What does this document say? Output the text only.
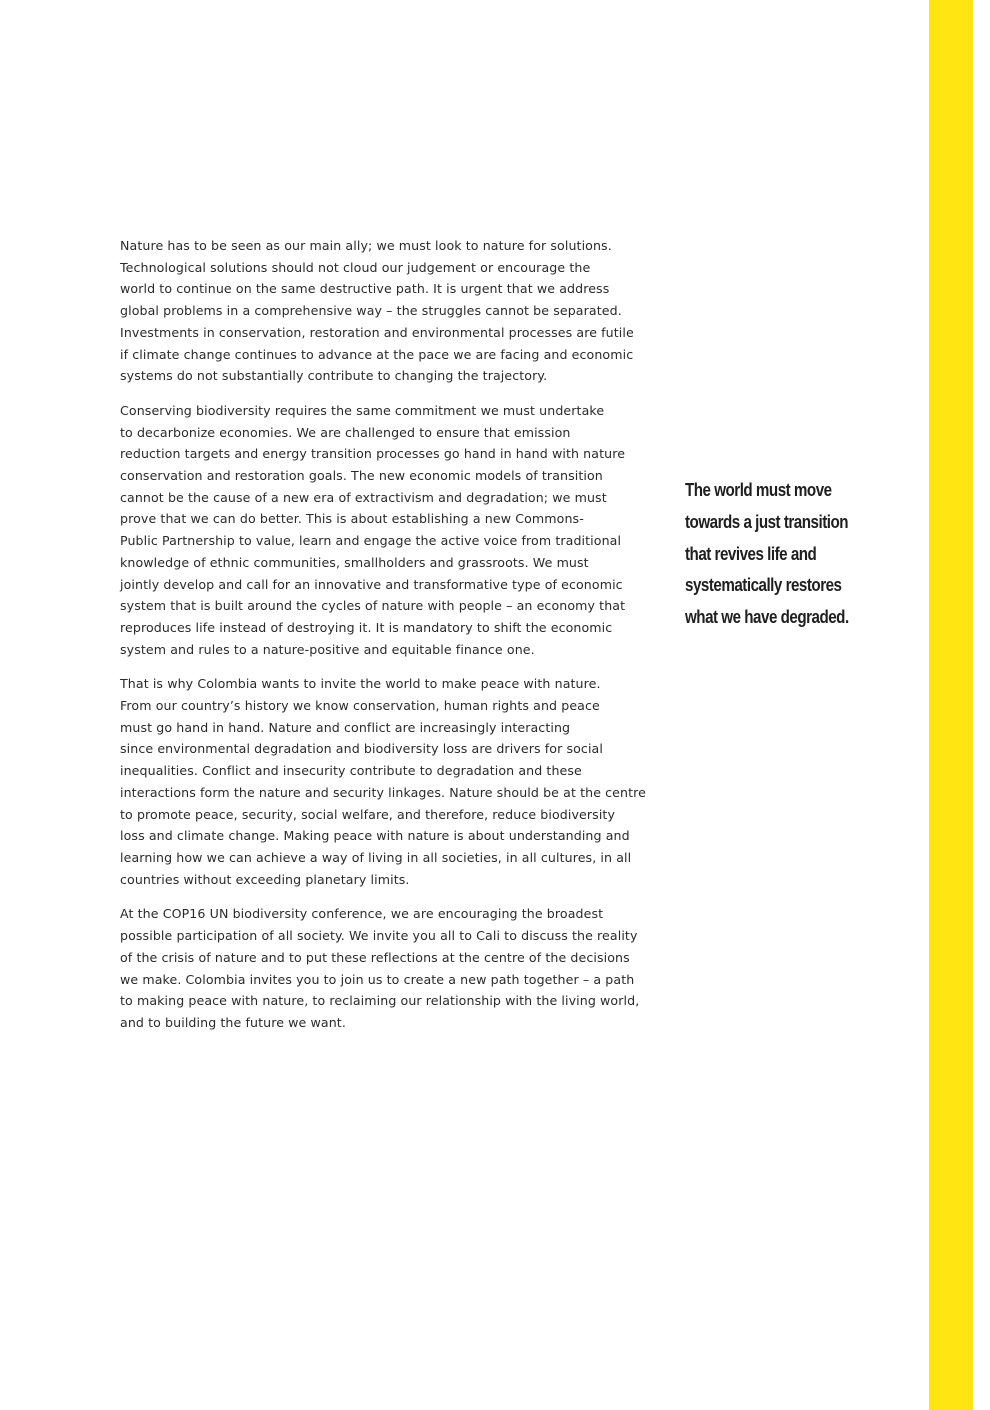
Nature has to be seen as our main ally; we must look to nature for solutions.
Technological solutions should not cloud our judgement or encourage the
world to continue on the same destructive path. It is urgent that we address
global problems in a comprehensive way – the struggles cannot be separated.
Investments in conservation, restoration and environmental processes are futile
if climate change continues to advance at the pace we are facing and economic
systems do not substantially contribute to changing the trajectory.

Conserving biodiversity requires the same commitment we must undertake
to decarbonize economies. We are challenged to ensure that emission
reduction targets and energy transition processes go hand in hand with nature
conservation and restoration goals. The new economic models of transition
cannot be the cause of a new era of extractivism and degradation; we must
prove that we can do better. This is about establishing a new Commons-
Public Partnership to value, learn and engage the active voice from traditional
knowledge of ethnic communities, smallholders and grassroots. We must
jointly develop and call for an innovative and transformative type of economic
system that is built around the cycles of nature with people – an economy that
reproduces life instead of destroying it. It is mandatory to shift the economic
system and rules to a nature-positive and equitable finance one.

That is why Colombia wants to invite the world to make peace with nature.
From our country’s history we know conservation, human rights and peace
must go hand in hand. Nature and conflict are increasingly interacting
since environmental degradation and biodiversity loss are drivers for social
inequalities. Conflict and insecurity contribute to degradation and these
interactions form the nature and security linkages. Nature should be at the centre
to promote peace, security, social welfare, and therefore, reduce biodiversity
loss and climate change. Making peace with nature is about understanding and
learning how we can achieve a way of living in all societies, in all cultures, in all
countries without exceeding planetary limits.

At the COP16 UN biodiversity conference, we are encouraging the broadest
possible participation of all society. We invite you all to Cali to discuss the reality
of the crisis of nature and to put these reflections at the centre of the decisions
we make. Colombia invites you to join us to create a new path together – a path
to making peace with nature, to reclaiming our relationship with the living world,
and to building the future we want.

The world must move
towards a just transition
that revives life and
systematically restores
what we have degraded.
